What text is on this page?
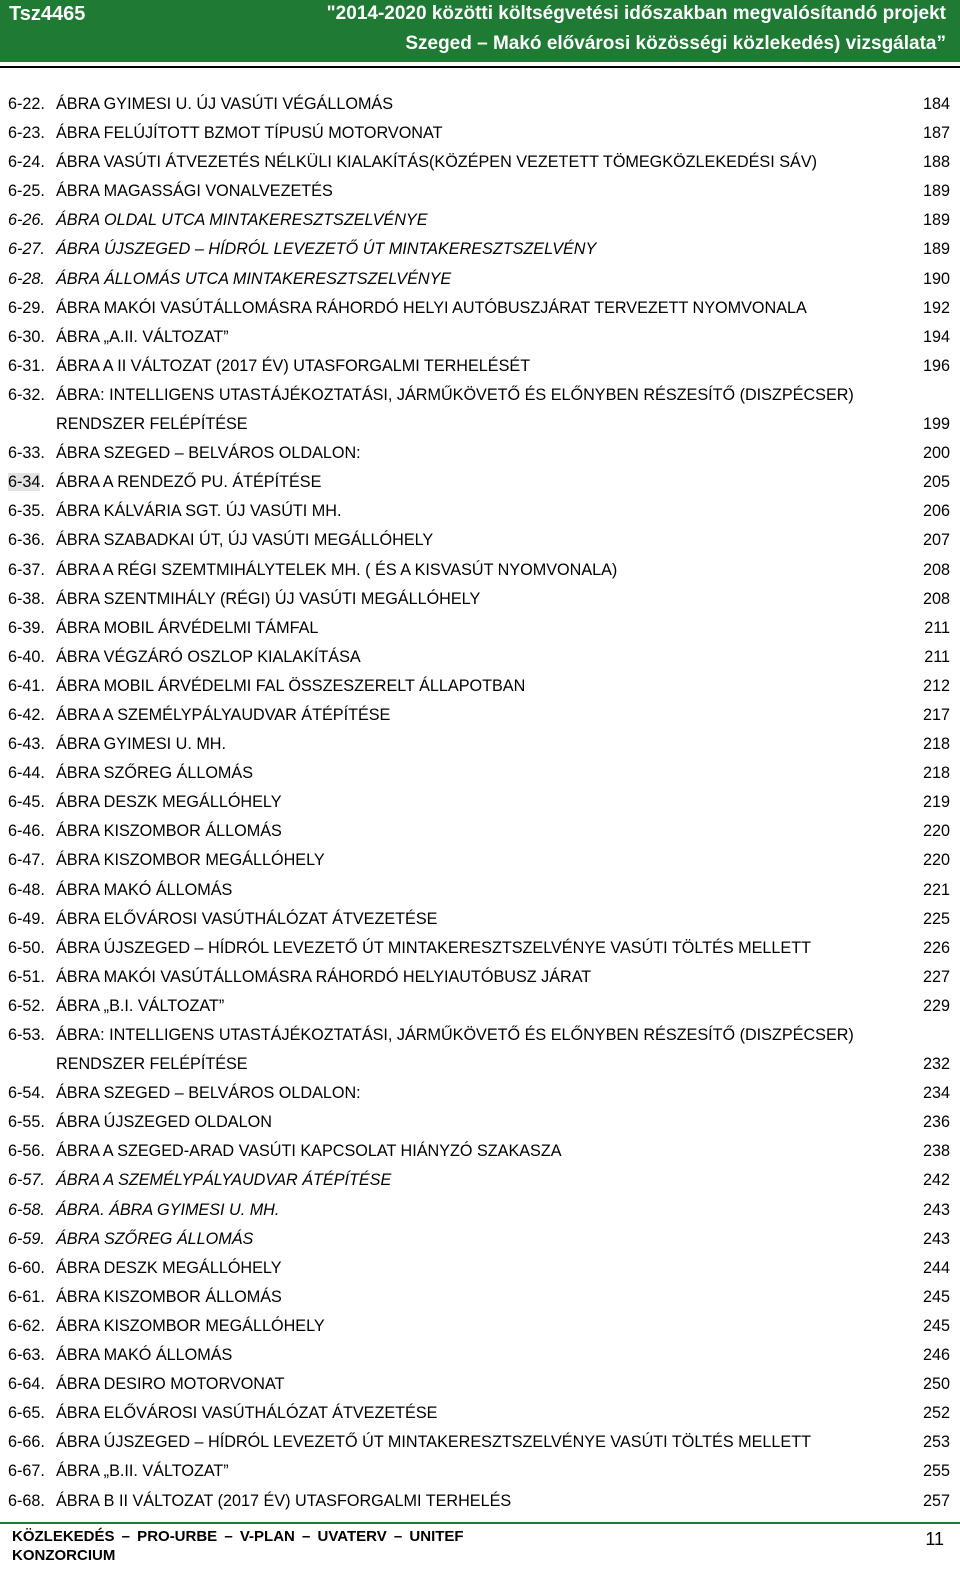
Tsz4465	"2014-2020 közötti költségvetési időszakban megvalósítandó projekt
Szeged – Makó elővárosi közösségi közlekedés) vizsgálata”
6-22. ÁBRA GYIMESI U. ÚJ VASÚTI VÉGÁLLOMÁS	184
6-23. ÁBRA FELÚJÍTOTT BZMOT TÍPUSÚ MOTORVONAT	187
6-24. ÁBRA VASÚTI ÁTVEZETÉS NÉLKÜLI KIALAKÍTÁS(KÖZÉPEN VEZETETT TÖMEGKÖZLEKEDÉSI SÁV)	188
6-25. ÁBRA MAGASSÁGI VONALVEZETÉS	189
6-26. ÁBRA OLDAL UTCA MINTAKERESZTSZELVÉNYE	189
6-27. ÁBRA ÚJSZEGED – HÍDRÓL LEVEZETŐ ÚT MINTAKERESZTSZELVÉNY	189
6-28. ÁBRA ÁLLOMÁS UTCA MINTAKERESZTSZELVÉNYE	190
6-29. ÁBRA MAKÓI VASÚTÁLLOMÁSRA RÁHORDÓ HELYI AUTÓBUSZJÁRAT TERVEZETT NYOMVONALA	192
6-30. ÁBRA „A.II. VÁLTOZAT”	194
6-31. ÁBRA A II VÁLTOZAT (2017 ÉV) UTASFORGALMI TERHELÉSÉT	196
6-32. ÁBRA: INTELLIGENS UTASTÁJÉKOZTATÁSI, JÁRMŰKÖVETŐ ÉS ELŐNYBEN RÉSZESÍTŐ (DISZPÉCSER)
RENDSZER FELÉPÍTÉSE	199
6-33. ÁBRA SZEGED – BELVÁROS OLDALON:	200
6-34. ÁBRA A RENDEZŐ PU. ÁTÉPÍTÉSE	205
6-35. ÁBRA KÁLVÁRIA SGT. ÚJ VASÚTI MH.	206
6-36. ÁBRA SZABADKAI ÚT, ÚJ VASÚTI MEGÁLLÓHELY	207
6-37. ÁBRA A RÉGI SZEMTMIHÁLYTELEK MH. ( ÉS A KISVASÚT NYOMVONALA)	208
6-38. ÁBRA SZENTMIHÁLY (RÉGI) ÚJ VASÚTI MEGÁLLÓHELY	208
6-39. ÁBRA MOBIL ÁRVÉDELMI TÁMFAL	211
6-40. ÁBRA VÉGZÁRÓ OSZLOP KIALAKÍTÁSA	211
6-41. ÁBRA MOBIL ÁRVÉDELMI FAL ÖSSZESZERELT ÁLLAPOTBAN	212
6-42. ÁBRA A SZEMÉLYPÁLYAUDVAR ÁTÉPÍTÉSE	217
6-43. ÁBRA GYIMESI U. MH.	218
6-44. ÁBRA SZŐREG ÁLLOMÁS	218
6-45. ÁBRA DESZK MEGÁLLÓHELY	219
6-46. ÁBRA KISZOMBOR ÁLLOMÁS	220
6-47. ÁBRA KISZOMBOR MEGÁLLÓHELY	220
6-48. ÁBRA MAKÓ ÁLLOMÁS	221
6-49. ÁBRA ELŐVÁROSI VASÚTHÁLÓZAT ÁTVEZETÉSE	225
6-50. ÁBRA ÚJSZEGED – HÍDRÓL LEVEZETŐ ÚT MINTAKERESZTSZELVÉNYE VASÚTI TÖLTÉS MELLETT	226
6-51. ÁBRA MAKÓI VASÚTÁLLOMÁSRA RÁHORDÓ HELYIAUTÓBUSZ JÁRAT	227
6-52. ÁBRA „B.I. VÁLTOZAT”	229
6-53. ÁBRA: INTELLIGENS UTASTÁJÉKOZTATÁSI, JÁRMŰKÖVETŐ ÉS ELŐNYBEN RÉSZESÍTŐ (DISZPÉCSER)
RENDSZER FELÉPÍTÉSE	232
6-54. ÁBRA SZEGED – BELVÁROS OLDALON:	234
6-55. ÁBRA ÚJSZEGED OLDALON	236
6-56. ÁBRA A SZEGED-ARAD VASÚTI KAPCSOLAT HIÁNYZÓ SZAKASZA	238
6-57. ÁBRA A SZEMÉLYPÁLYAUDVAR ÁTÉPÍTÉSE	242
6-58. ÁBRA. ÁBRA GYIMESI U. MH.	243
6-59. ÁBRA SZŐREG ÁLLOMÁS	243
6-60. ÁBRA DESZK MEGÁLLÓHELY	244
6-61. ÁBRA KISZOMBOR ÁLLOMÁS	245
6-62. ÁBRA KISZOMBOR MEGÁLLÓHELY	245
6-63. ÁBRA MAKÓ ÁLLOMÁS	246
6-64. ÁBRA DESIRO MOTORVONAT	250
6-65. ÁBRA ELŐVÁROSI VASÚTHÁLÓZAT ÁTVEZETÉSE	252
6-66. ÁBRA ÚJSZEGED – HÍDRÓL LEVEZETŐ ÚT MINTAKERESZTSZELVÉNYE VASÚTI TÖLTÉS MELLETT	253
6-67. ÁBRA „B.II. VÁLTOZAT”	255
6-68. ÁBRA B II VÁLTOZAT (2017 ÉV) UTASFORGALMI TERHELÉS	257
KÖZLEKEDÉS – PRO-URBE – V-PLAN – UVATERV – UNITEF KONZORCIUM
11
